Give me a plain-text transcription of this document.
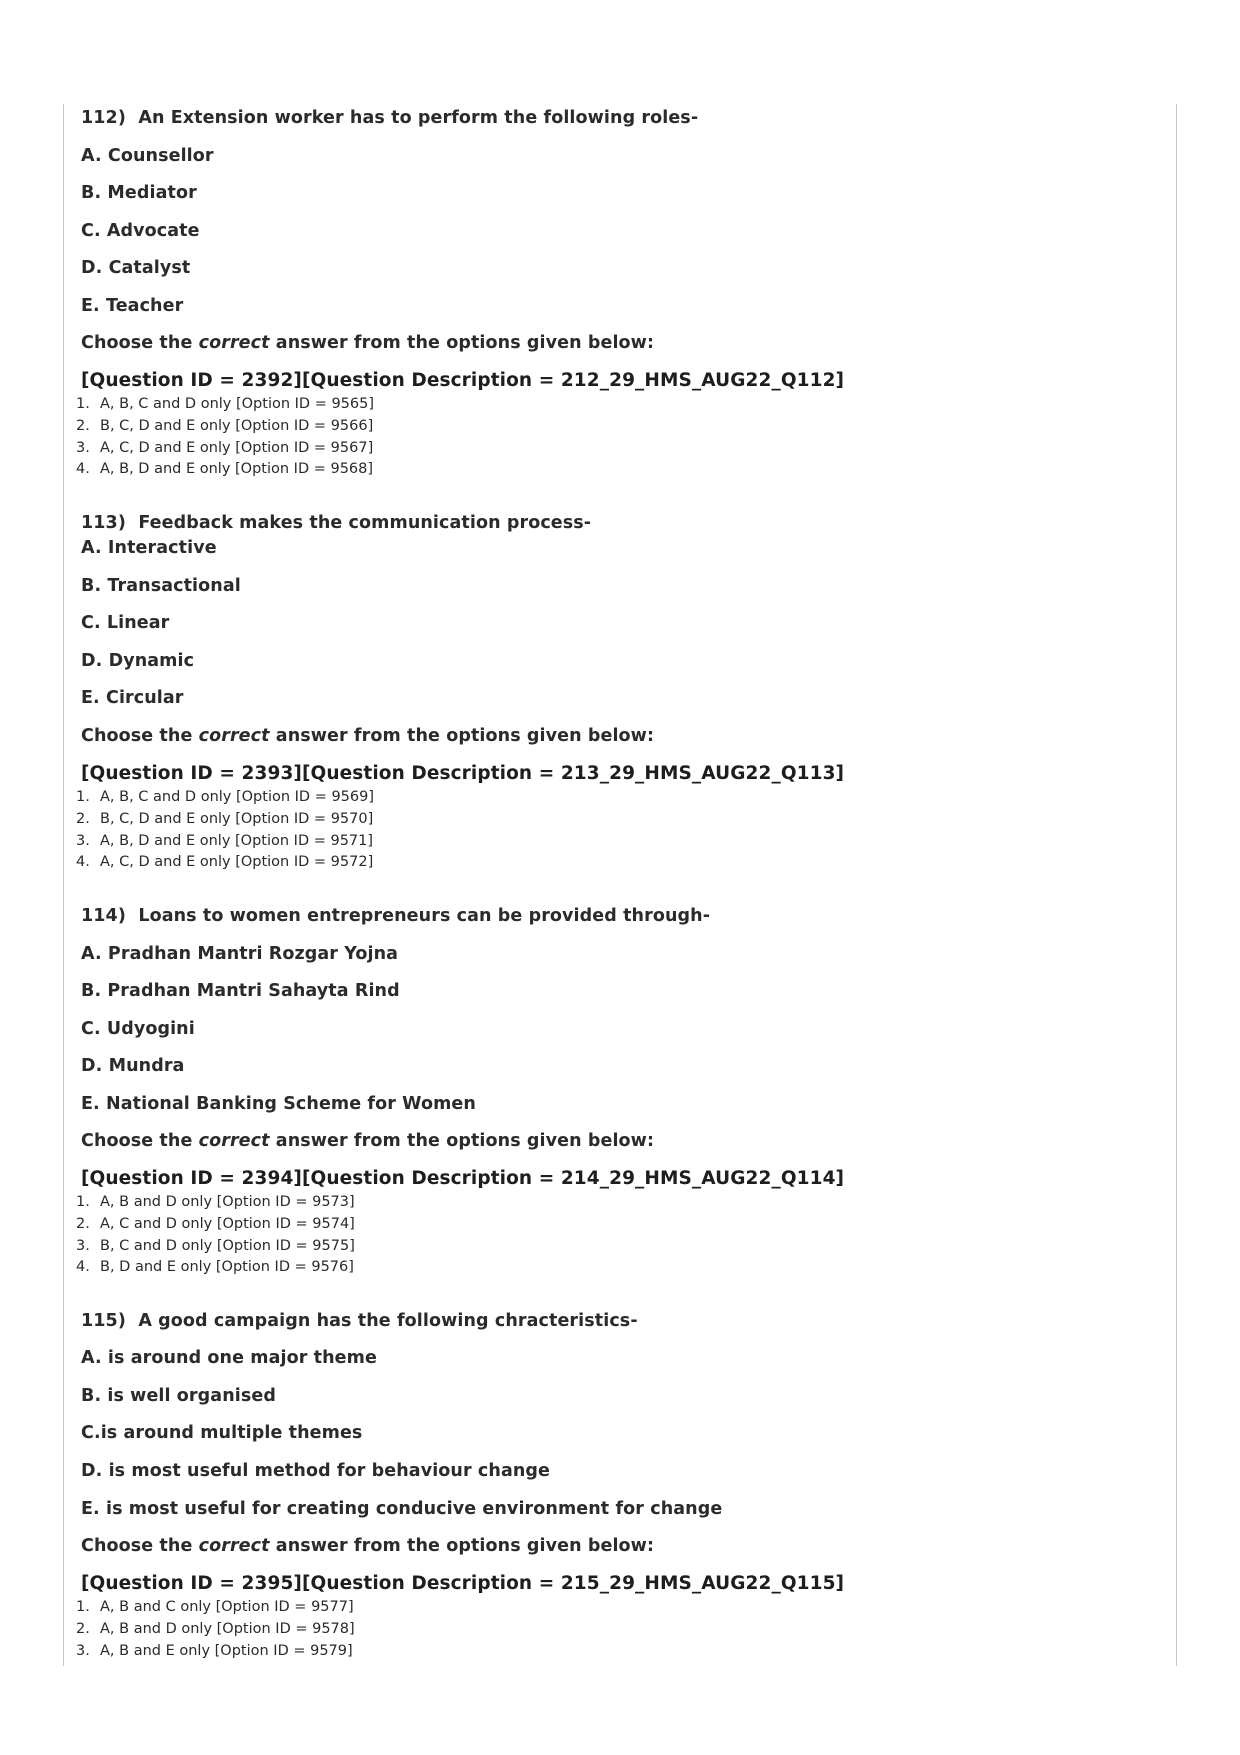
112) An Extension worker has to perform the following roles-
A. Counsellor
B. Mediator
C. Advocate
D. Catalyst
E. Teacher
Choose the correct answer from the options given below:
[Question ID = 2392][Question Description = 212_29_HMS_AUG22_Q112]
1. A, B, C and D only [Option ID = 9565]
2. B, C, D and E only [Option ID = 9566]
3. A, C, D and E only [Option ID = 9567]
4. A, B, D and E only [Option ID = 9568]
113) Feedback makes the communication process-
A. Interactive
B. Transactional
C. Linear
D. Dynamic
E. Circular
Choose the correct answer from the options given below:
[Question ID = 2393][Question Description = 213_29_HMS_AUG22_Q113]
1. A, B, C and D only [Option ID = 9569]
2. B, C, D and E only [Option ID = 9570]
3. A, B, D and E only [Option ID = 9571]
4. A, C, D and E only [Option ID = 9572]
114) Loans to women entrepreneurs can be provided through-
A. Pradhan Mantri Rozgar Yojna
B. Pradhan Mantri Sahayta Rind
C. Udyogini
D. Mundra
E. National Banking Scheme for Women
Choose the correct answer from the options given below:
[Question ID = 2394][Question Description = 214_29_HMS_AUG22_Q114]
1. A, B and D only [Option ID = 9573]
2. A, C and D only [Option ID = 9574]
3. B, C and D only [Option ID = 9575]
4. B, D and E only [Option ID = 9576]
115) A good campaign has the following chracteristics-
A. is around one major theme
B. is well organised
C.is around multiple themes
D. is most useful method for behaviour change
E. is most useful for creating conducive environment for change
Choose the correct answer from the options given below:
[Question ID = 2395][Question Description = 215_29_HMS_AUG22_Q115]
1. A, B and C only [Option ID = 9577]
2. A, B and D only [Option ID = 9578]
3. A, B and E only [Option ID = 9579]
